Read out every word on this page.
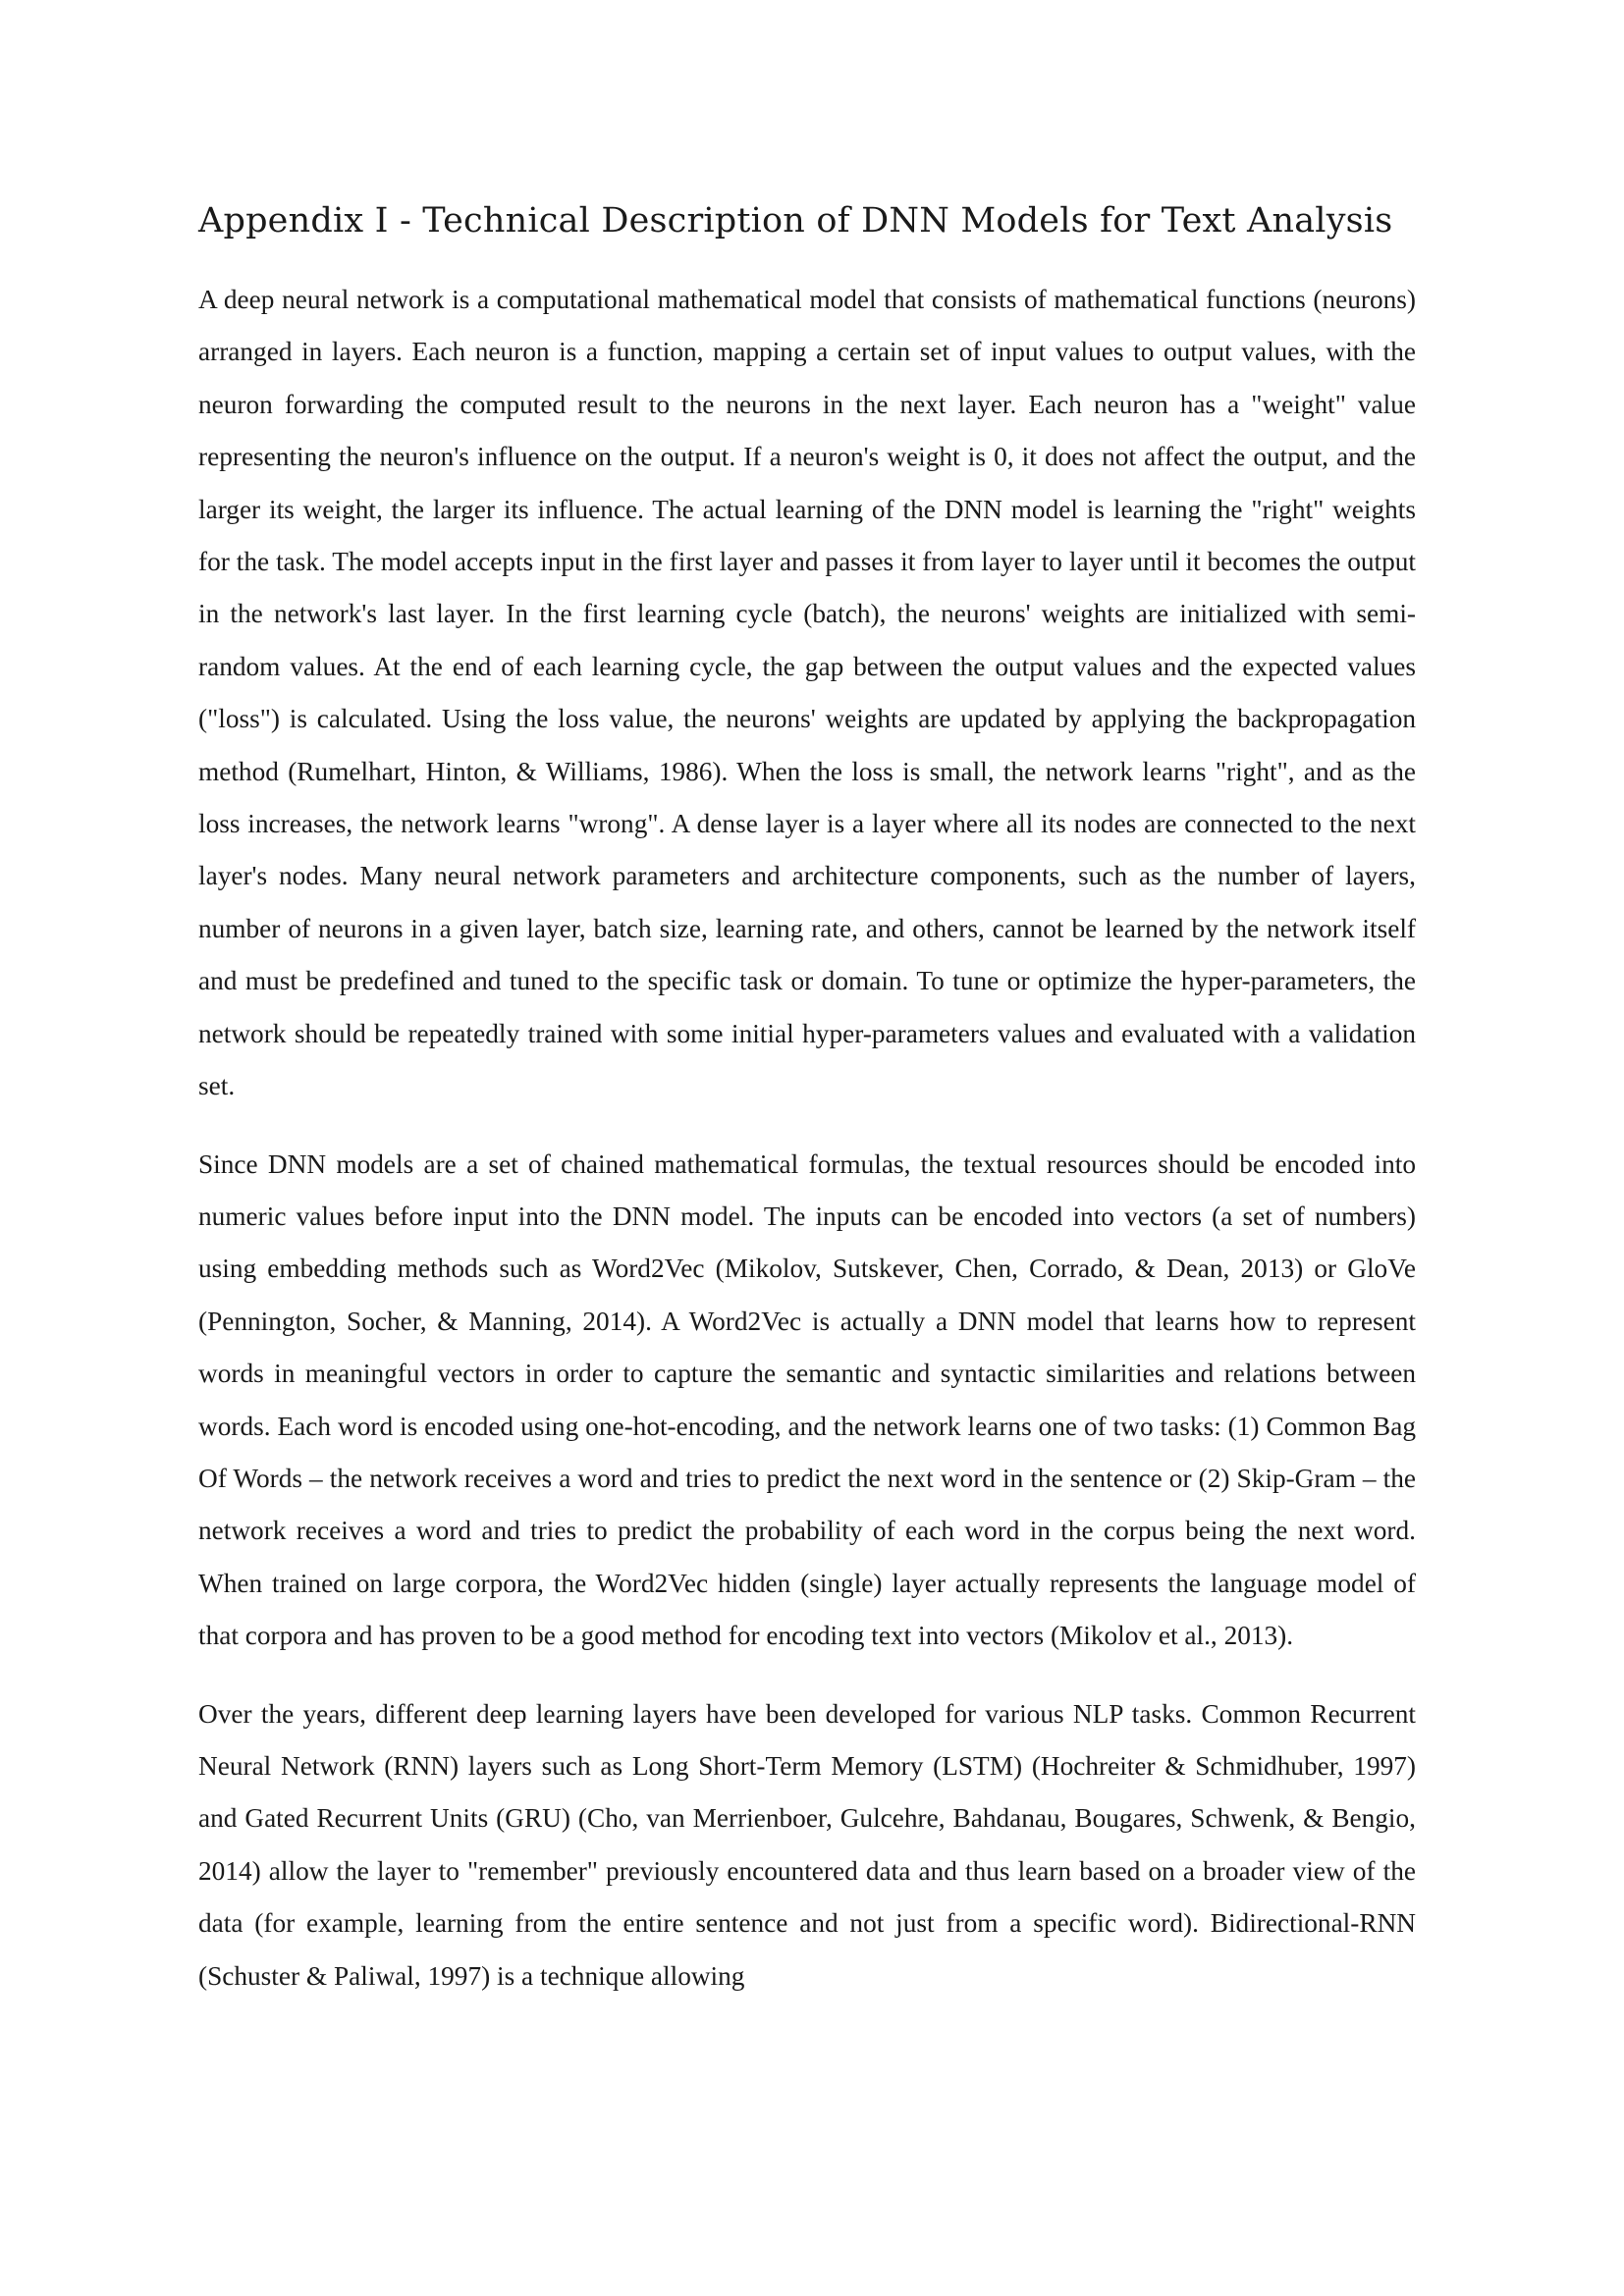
Appendix I - Technical Description of DNN Models for Text Analysis

A deep neural network is a computational mathematical model that consists of mathematical functions (neurons) arranged in layers. Each neuron is a function, mapping a certain set of input values to output values, with the neuron forwarding the computed result to the neurons in the next layer. Each neuron has a "weight" value representing the neuron's influence on the output. If a neuron's weight is 0, it does not affect the output, and the larger its weight, the larger its influence. The actual learning of the DNN model is learning the "right" weights for the task. The model accepts input in the first layer and passes it from layer to layer until it becomes the output in the network's last layer. In the first learning cycle (batch), the neurons' weights are initialized with semi-random values. At the end of each learning cycle, the gap between the output values and the expected values ("loss") is calculated. Using the loss value, the neurons' weights are updated by applying the backpropagation method (Rumelhart, Hinton, & Williams, 1986). When the loss is small, the network learns "right", and as the loss increases, the network learns "wrong". A dense layer is a layer where all its nodes are connected to the next layer's nodes. Many neural network parameters and architecture components, such as the number of layers, number of neurons in a given layer, batch size, learning rate, and others, cannot be learned by the network itself and must be predefined and tuned to the specific task or domain. To tune or optimize the hyper-parameters, the network should be repeatedly trained with some initial hyper-parameters values and evaluated with a validation set.

Since DNN models are a set of chained mathematical formulas, the textual resources should be encoded into numeric values before input into the DNN model. The inputs can be encoded into vectors (a set of numbers) using embedding methods such as Word2Vec (Mikolov, Sutskever, Chen, Corrado, & Dean, 2013) or GloVe (Pennington, Socher, & Manning, 2014). A Word2Vec is actually a DNN model that learns how to represent words in meaningful vectors in order to capture the semantic and syntactic similarities and relations between words. Each word is encoded using one-hot-encoding, and the network learns one of two tasks: (1) Common Bag Of Words – the network receives a word and tries to predict the next word in the sentence or (2) Skip-Gram – the network receives a word and tries to predict the probability of each word in the corpus being the next word. When trained on large corpora, the Word2Vec hidden (single) layer actually represents the language model of that corpora and has proven to be a good method for encoding text into vectors (Mikolov et al., 2013).

Over the years, different deep learning layers have been developed for various NLP tasks. Common Recurrent Neural Network (RNN) layers such as Long Short-Term Memory (LSTM) (Hochreiter & Schmidhuber, 1997) and Gated Recurrent Units (GRU) (Cho, van Merrienboer, Gulcehre, Bahdanau, Bougares, Schwenk, & Bengio, 2014) allow the layer to "remember" previously encountered data and thus learn based on a broader view of the data (for example, learning from the entire sentence and not just from a specific word). Bidirectional-RNN (Schuster & Paliwal, 1997) is a technique allowing
